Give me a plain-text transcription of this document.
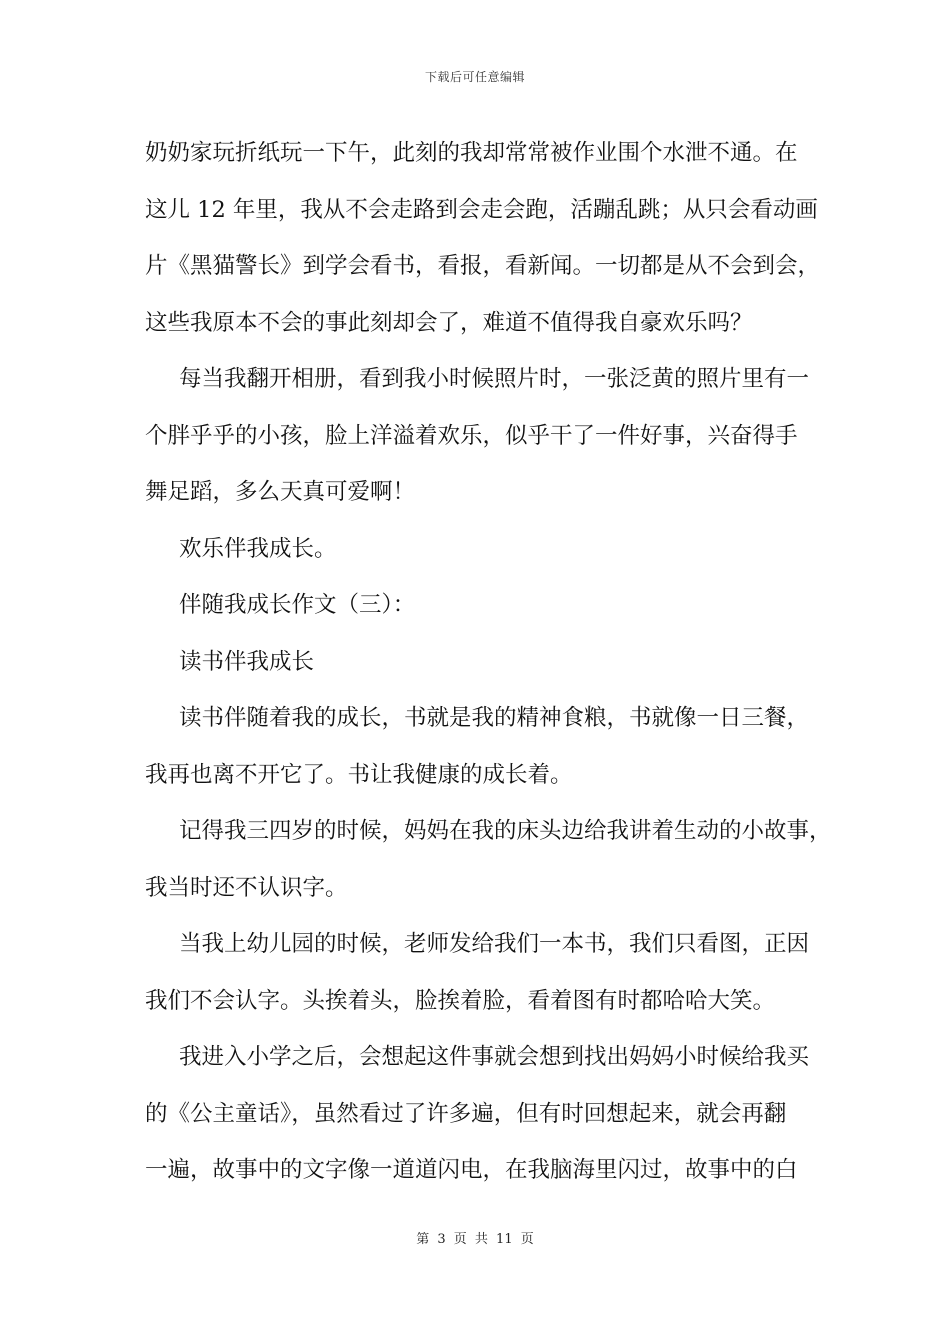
下载后可任意编辑
奶奶家玩折纸玩一下午，此刻的我却常常被作业围个水泄不通。在
这儿 12 年里，我从不会走路到会走会跑，活蹦乱跳；从只会看动画
片《黑猫警长》到学会看书，看报，看新闻。一切都是从不会到会，
这些我原本不会的事此刻却会了，难道不值得我自豪欢乐吗？
每当我翻开相册，看到我小时候照片时，一张泛黄的照片里有一
个胖乎乎的小孩，脸上洋溢着欢乐，似乎干了一件好事，兴奋得手
舞足蹈，多么天真可爱啊！
欢乐伴我成长。
伴随我成长作文（三）：
读书伴我成长
读书伴随着我的成长，书就是我的精神食粮，书就像一日三餐，
我再也离不开它了。书让我健康的成长着。
记得我三四岁的时候，妈妈在我的床头边给我讲着生动的小故事，
我当时还不认识字。
当我上幼儿园的时候，老师发给我们一本书，我们只看图，正因
我们不会认字。头挨着头，脸挨着脸，看着图有时都哈哈大笑。
我进入小学之后，会想起这件事就会想到找出妈妈小时候给我买
的《公主童话》，虽然看过了许多遍，但有时回想起来，就会再翻
一遍，故事中的文字像一道道闪电，在我脑海里闪过，故事中的白
第 3 页 共 11 页
